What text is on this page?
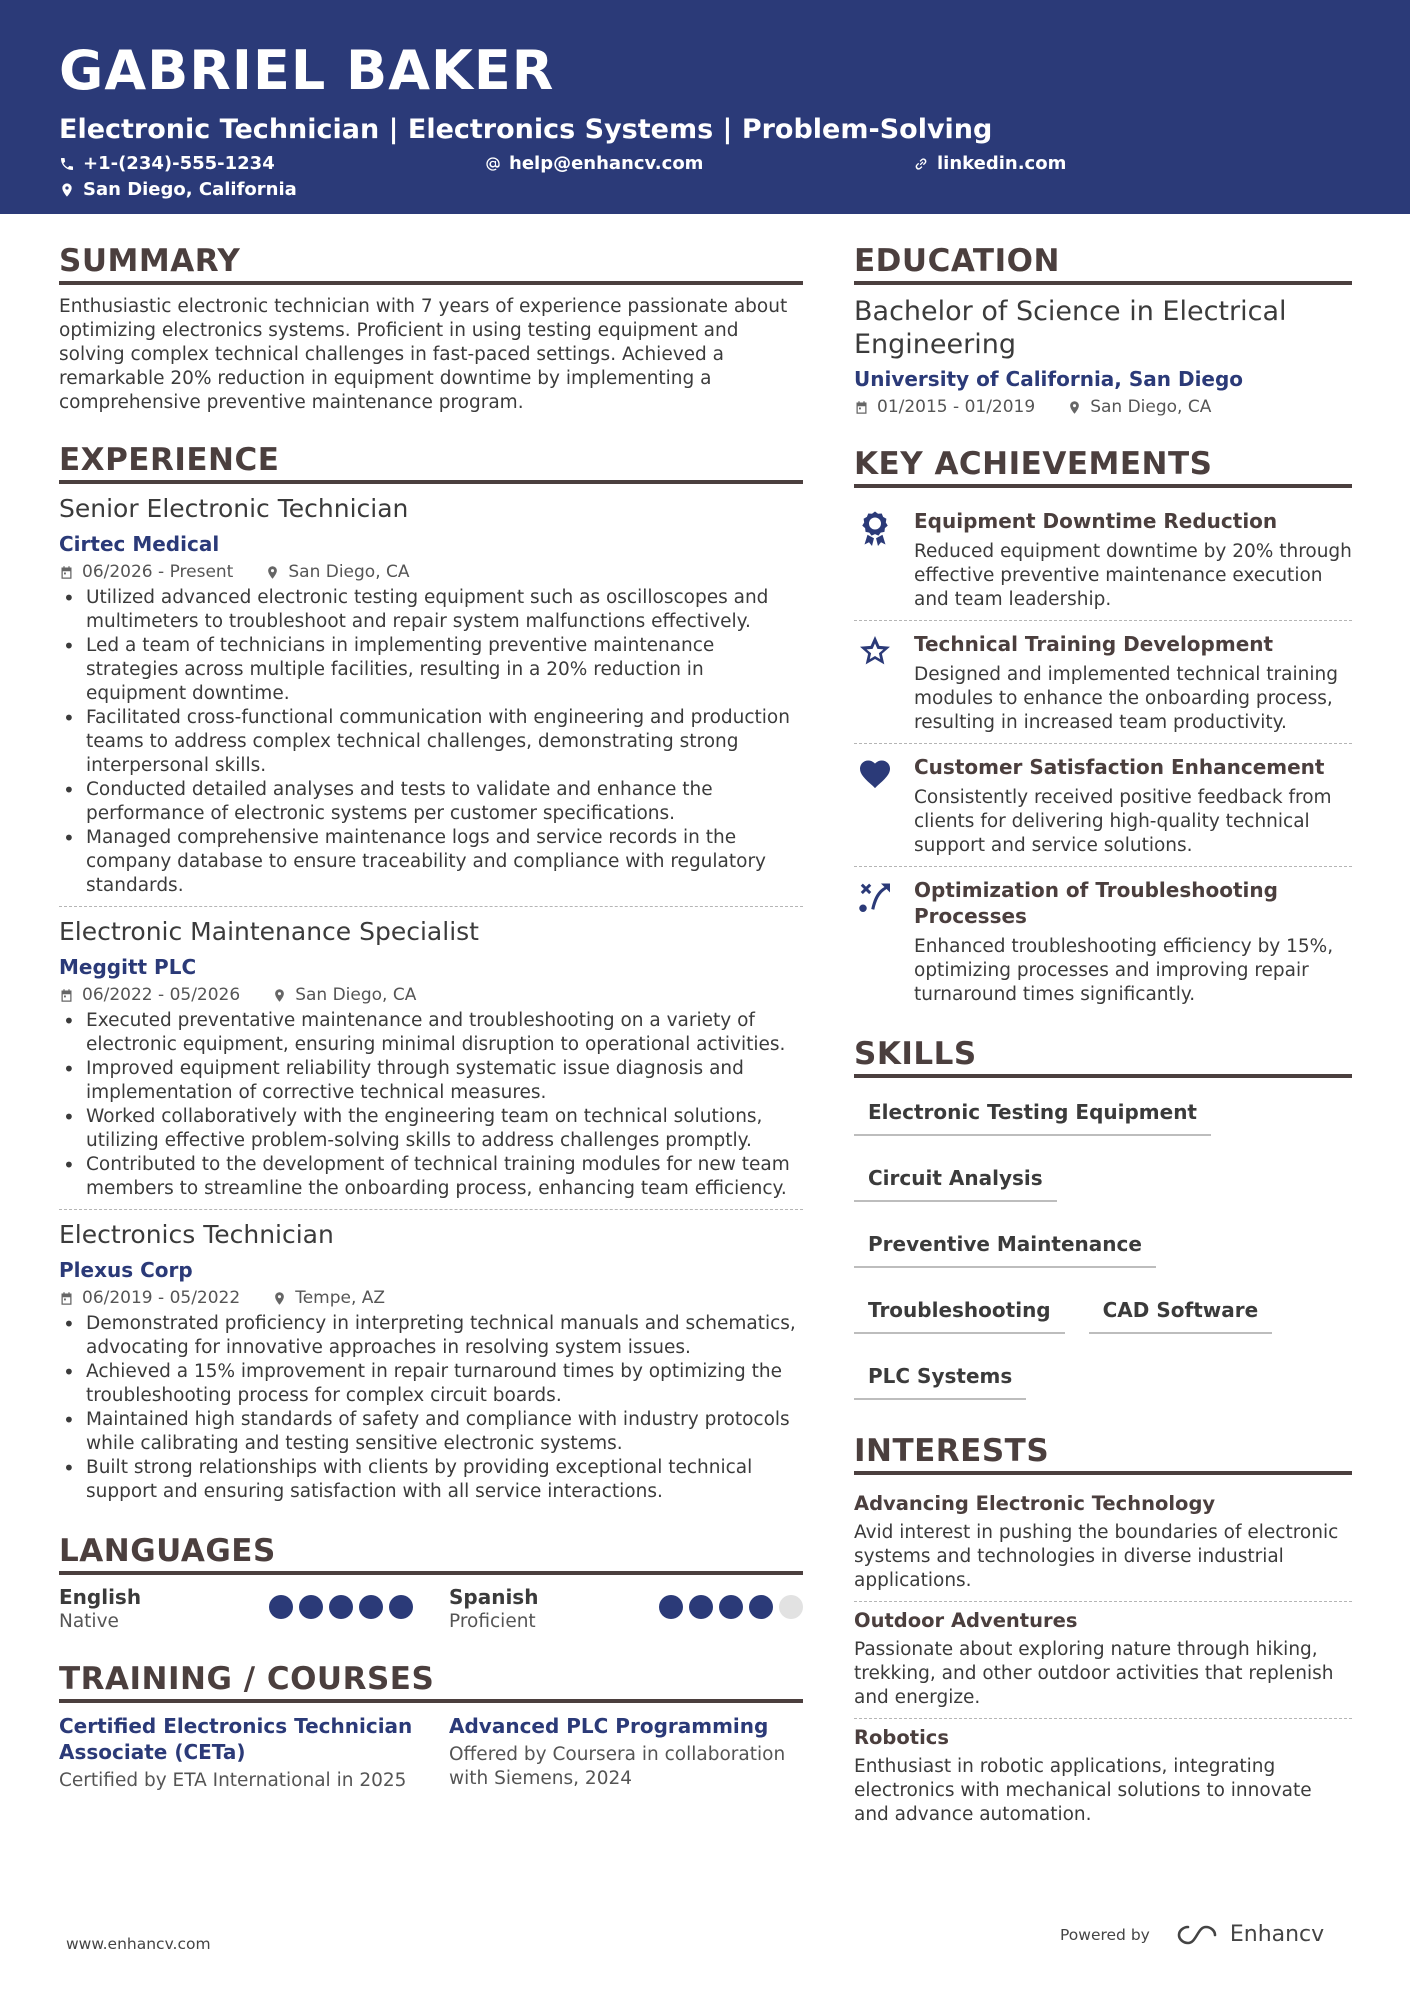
GABRIEL BAKER
Electronic Technician | Electronics Systems | Problem-Solving
+1-(234)-555-1234	help@enhancv.com	linkedin.com
San Diego, California
SUMMARY

Enthusiastic electronic technician with 7 years of experience passionate about optimizing electronics systems. Proficient in using testing equipment and solving complex technical challenges in fast-paced settings. Achieved a remarkable 20% reduction in equipment downtime by implementing a comprehensive preventive maintenance program.

EXPERIENCE
Senior Electronic Technician
Cirtec Medical
06/2026 - Present	San Diego, CA
• Utilized advanced electronic testing equipment such as oscilloscopes and multimeters to troubleshoot and repair system malfunctions effectively.
• Led a team of technicians in implementing preventive maintenance strategies across multiple facilities, resulting in a 20% reduction in equipment downtime.
• Facilitated cross-functional communication with engineering and production teams to address complex technical challenges, demonstrating strong interpersonal skills.
• Conducted detailed analyses and tests to validate and enhance the performance of electronic systems per customer specifications.
• Managed comprehensive maintenance logs and service records in the company database to ensure traceability and compliance with regulatory standards.
Electronic Maintenance Specialist
Meggitt PLC
06/2022 - 05/2026	San Diego, CA
• Executed preventative maintenance and troubleshooting on a variety of electronic equipment, ensuring minimal disruption to operational activities.
• Improved equipment reliability through systematic issue diagnosis and implementation of corrective technical measures.
• Worked collaboratively with the engineering team on technical solutions, utilizing effective problem-solving skills to address challenges promptly.
• Contributed to the development of technical training modules for new team members to streamline the onboarding process, enhancing team efficiency.
Electronics Technician
Plexus Corp
06/2019 - 05/2022	Tempe, AZ
• Demonstrated proficiency in interpreting technical manuals and schematics, advocating for innovative approaches in resolving system issues.
• Achieved a 15% improvement in repair turnaround times by optimizing the troubleshooting process for complex circuit boards.
• Maintained high standards of safety and compliance with industry protocols while calibrating and testing sensitive electronic systems.
• Built strong relationships with clients by providing exceptional technical support and ensuring satisfaction with all service interactions.
LANGUAGES
English
Native
Spanish
Proficient
TRAINING / COURSES
Certified Electronics Technician Associate (CETa)
Certified by ETA International in 2025
Advanced PLC Programming
Offered by Coursera in collaboration with Siemens, 2024
EDUCATION
Bachelor of Science in Electrical Engineering
University of California, San Diego
01/2015 - 01/2019	San Diego, CA
KEY ACHIEVEMENTS
Equipment Downtime Reduction
Reduced equipment downtime by 20% through effective preventive maintenance execution and team leadership.
Technical Training Development
Designed and implemented technical training modules to enhance the onboarding process, resulting in increased team productivity.
Customer Satisfaction Enhancement
Consistently received positive feedback from clients for delivering high-quality technical support and service solutions.
Optimization of Troubleshooting Processes
Enhanced troubleshooting efficiency by 15%, optimizing processes and improving repair turnaround times significantly.
SKILLS
Electronic Testing Equipment
Circuit Analysis
Preventive Maintenance
Troubleshooting	CAD Software
PLC Systems
INTERESTS
Advancing Electronic Technology
Avid interest in pushing the boundaries of electronic systems and technologies in diverse industrial applications.
Outdoor Adventures
Passionate about exploring nature through hiking, trekking, and other outdoor activities that replenish and energize.
Robotics
Enthusiast in robotic applications, integrating electronics with mechanical solutions to innovate and advance automation.
www.enhancv.com
Powered by	Enhancv
